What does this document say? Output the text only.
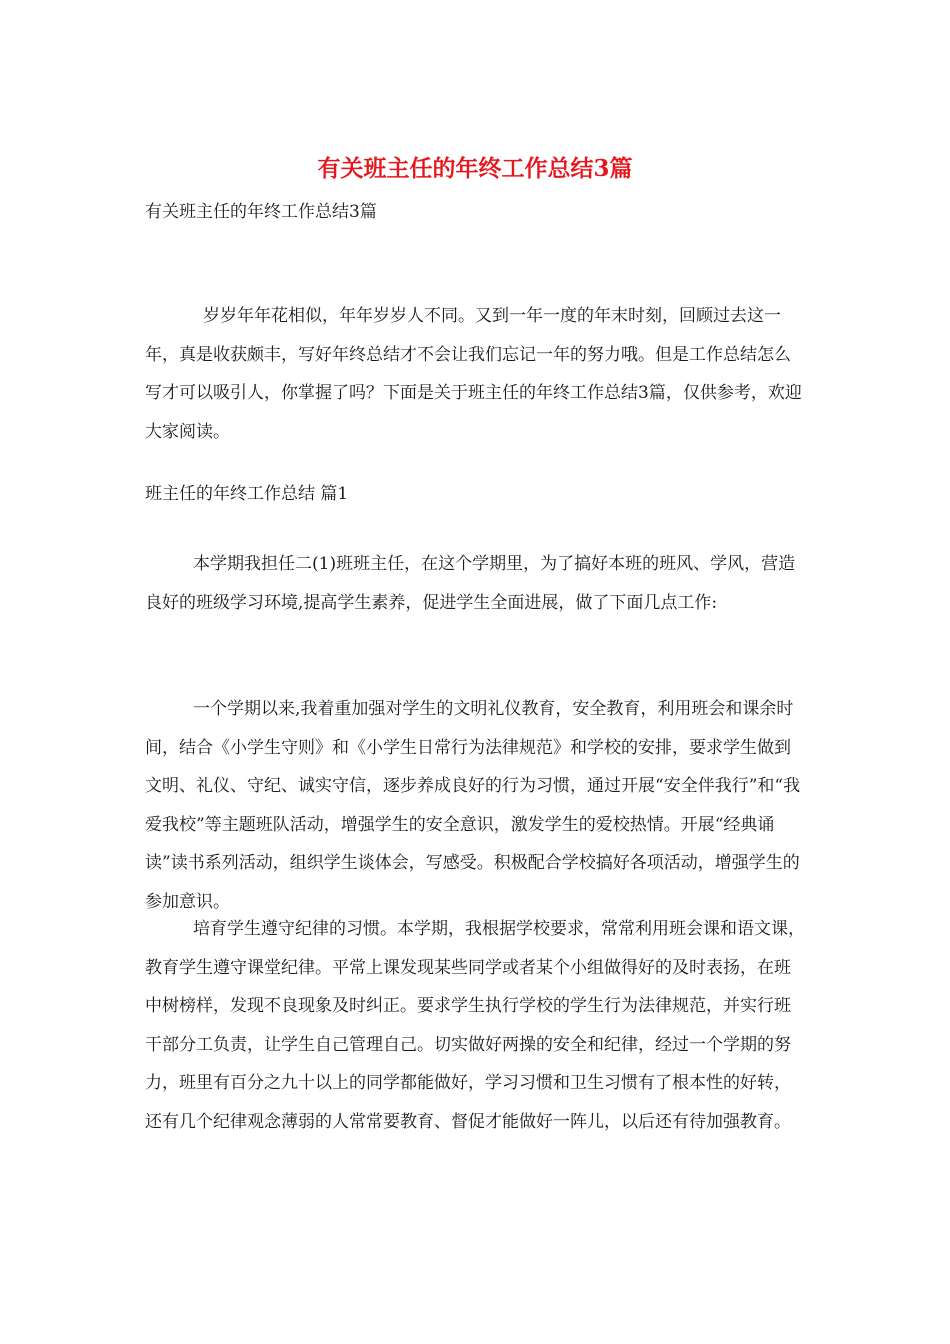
有关班主任的年终工作总结3篇

有关班主任的年终工作总结3篇

岁岁年年花相似，年年岁岁人不同。又到一年一度的年末时刻，回顾过去这一年，真是收获颇丰，写好年终总结才不会让我们忘记一年的努力哦。但是工作总结怎么写才可以吸引人，你掌握了吗？下面是关于班主任的年终工作总结3篇，仅供参考，欢迎大家阅读。

班主任的年终工作总结 篇1

本学期我担任二(1)班班主任，在这个学期里，为了搞好本班的班风、学风，营造良好的班级学习环境,提高学生素养，促进学生全面进展，做了下面几点工作:

一个学期以来,我着重加强对学生的文明礼仪教育，安全教育，利用班会和课余时间，结合《小学生守则》和《小学生日常行为法律规范》和学校的安排，要求学生做到文明、礼仪、守纪、诚实守信，逐步养成良好的行为习惯，通过开展“安全伴我行”和“我爱我校”等主题班队活动，增强学生的安全意识，激发学生的爱校热情。开展“经典诵读”读书系列活动，组织学生谈体会，写感受。积极配合学校搞好各项活动，增强学生的参加意识。

培育学生遵守纪律的习惯。本学期，我根据学校要求，常常利用班会课和语文课，教育学生遵守课堂纪律。平常上课发现某些同学或者某个小组做得好的及时表扬，在班中树榜样，发现不良现象及时纠正。要求学生执行学校的学生行为法律规范，并实行班干部分工负责，让学生自己管理自己。切实做好两操的安全和纪律，经过一个学期的努力，班里有百分之九十以上的同学都能做好，学习习惯和卫生习惯有了根本性的好转，还有几个纪律观念薄弱的人常常要教育、督促才能做好一阵儿，以后还有待加强教育。
